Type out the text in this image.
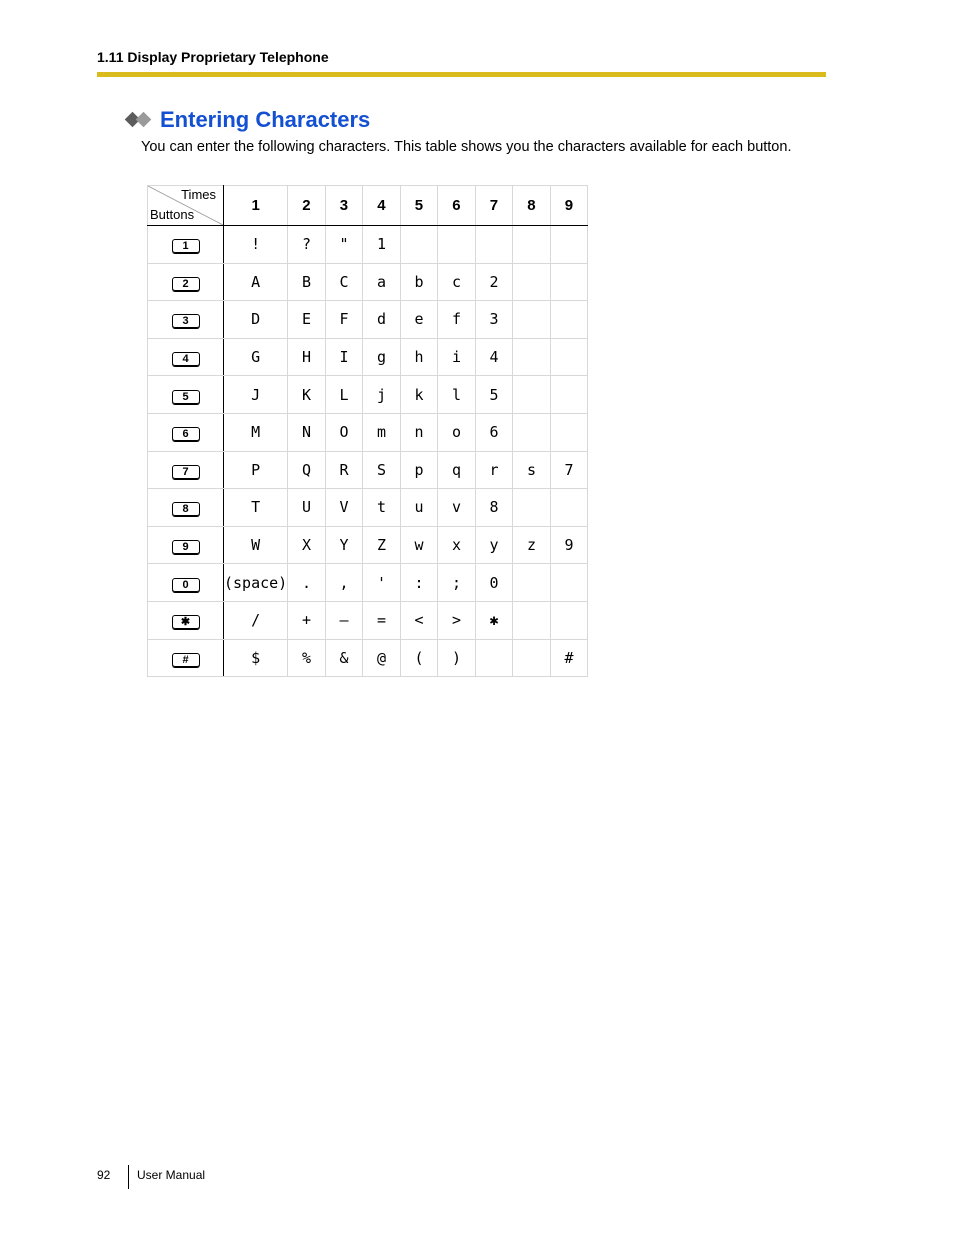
1.11 Display Proprietary Telephone
Entering Characters
You can enter the following characters. This table shows you the characters available for each button.
Times
Buttons	1	2	3	4	5	6	7	8	9
1	!	?	"	1					
2	A	B	C	a	b	c	2		
3	D	E	F	d	e	f	3		
4	G	H	I	g	h	i	4		
5	J	K	L	j	k	l	5		
6	M	N	O	m	n	o	6		
7	P	Q	R	S	p	q	r	s	7
8	T	U	V	t	u	v	8		
9	W	X	Y	Z	w	x	y	z	9
0	(space)	.	,	'	:	;	0		
✱	/	+	—	=	<	>	✱		
#	$	%	&	@	(	)			#
92 User Manual
